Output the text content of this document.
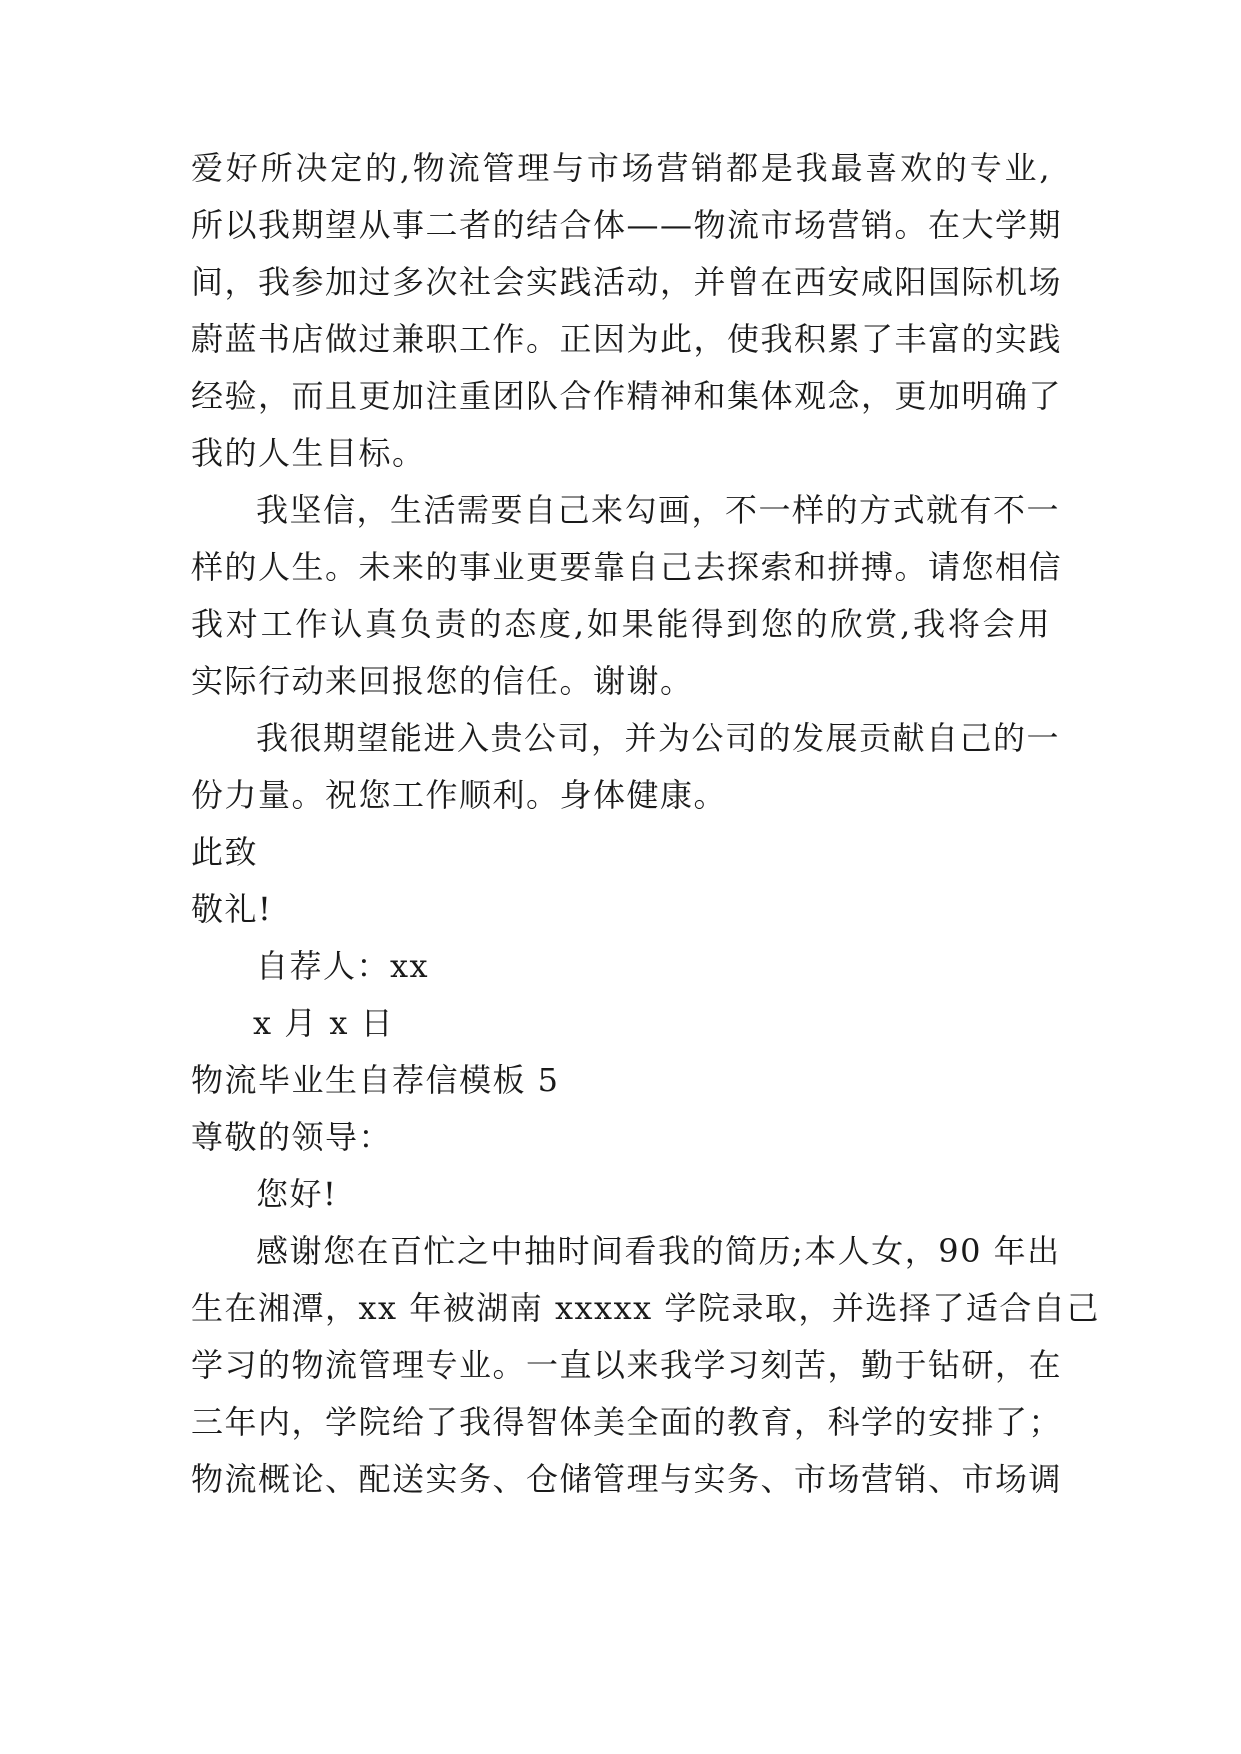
爱好所决定的,物流管理与市场营销都是我最喜欢的专业,
所以我期望从事二者的结合体——物流市场营销。在大学期
间，我参加过多次社会实践活动，并曾在西安咸阳国际机场
蔚蓝书店做过兼职工作。正因为此，使我积累了丰富的实践
经验，而且更加注重团队合作精神和集体观念，更加明确了
我的人生目标。
我坚信，生活需要自己来勾画，不一样的方式就有不一
样的人生。未来的事业更要靠自己去探索和拼搏。请您相信
我对工作认真负责的态度,如果能得到您的欣赏,我将会用
实际行动来回报您的信任。谢谢。
我很期望能进入贵公司，并为公司的发展贡献自己的一
份力量。祝您工作顺利。身体健康。
此致
敬礼!
自荐人：xx
x 月 x 日
物流毕业生自荐信模板 5
尊敬的领导：
您好!
感谢您在百忙之中抽时间看我的简历;本人女，90 年出
生在湘潭，xx 年被湖南 xxxxx 学院录取，并选择了适合自己
学习的物流管理专业。一直以来我学习刻苦，勤于钻研，在
三年内，学院给了我得智体美全面的教育，科学的安排了；
物流概论、配送实务、仓储管理与实务、市场营销、市场调
